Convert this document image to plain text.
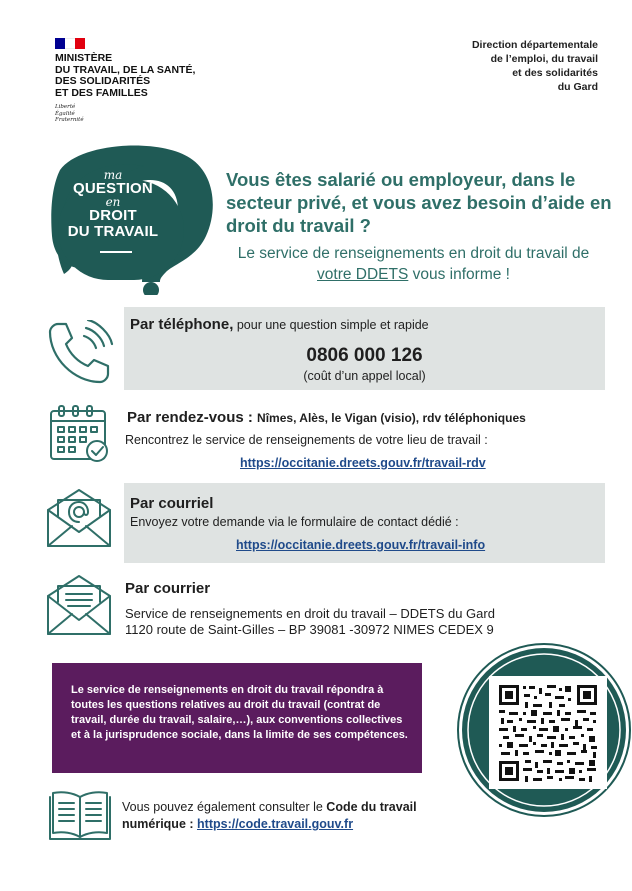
MINISTÈRE
DU TRAVAIL, DE LA SANTÉ,
DES SOLIDARITÉS
ET DES FAMILLES
Liberté
Égalité
Fraternité
Direction départementale
de l’emploi, du travail
et des solidarités
du Gard
ma
QUESTION
en
DROIT
DU TRAVAIL
Vous êtes salarié ou employeur, dans le secteur privé, et vous avez besoin d’aide en droit du travail ?
Le service de renseignements en droit du travail de votre DDETS vous informe !
Par téléphone, pour une question simple et rapide
0806 000 126
(coût d’un appel local)
Par rendez-vous : Nîmes, Alès, le Vigan (visio), rdv téléphoniques
Rencontrez le service de renseignements de votre lieu de travail :
https://occitanie.dreets.gouv.fr/travail-rdv
Par courriel
Envoyez votre demande via le formulaire de contact dédié :
https://occitanie.dreets.gouv.fr/travail-info
Par courrier
Service de renseignements en droit du travail – DDETS du Gard
1120 route de Saint-Gilles – BP 39081 -30972 NIMES CEDEX 9
Le service de renseignements en droit du travail répondra à toutes les questions relatives au droit du travail (contrat de travail, durée du travail, salaire,…), aux conventions collectives et à la jurisprudence sociale, dans la limite de ses compétences.
Vous pouvez également consulter le Code du travail numérique : https://code.travail.gouv.fr
